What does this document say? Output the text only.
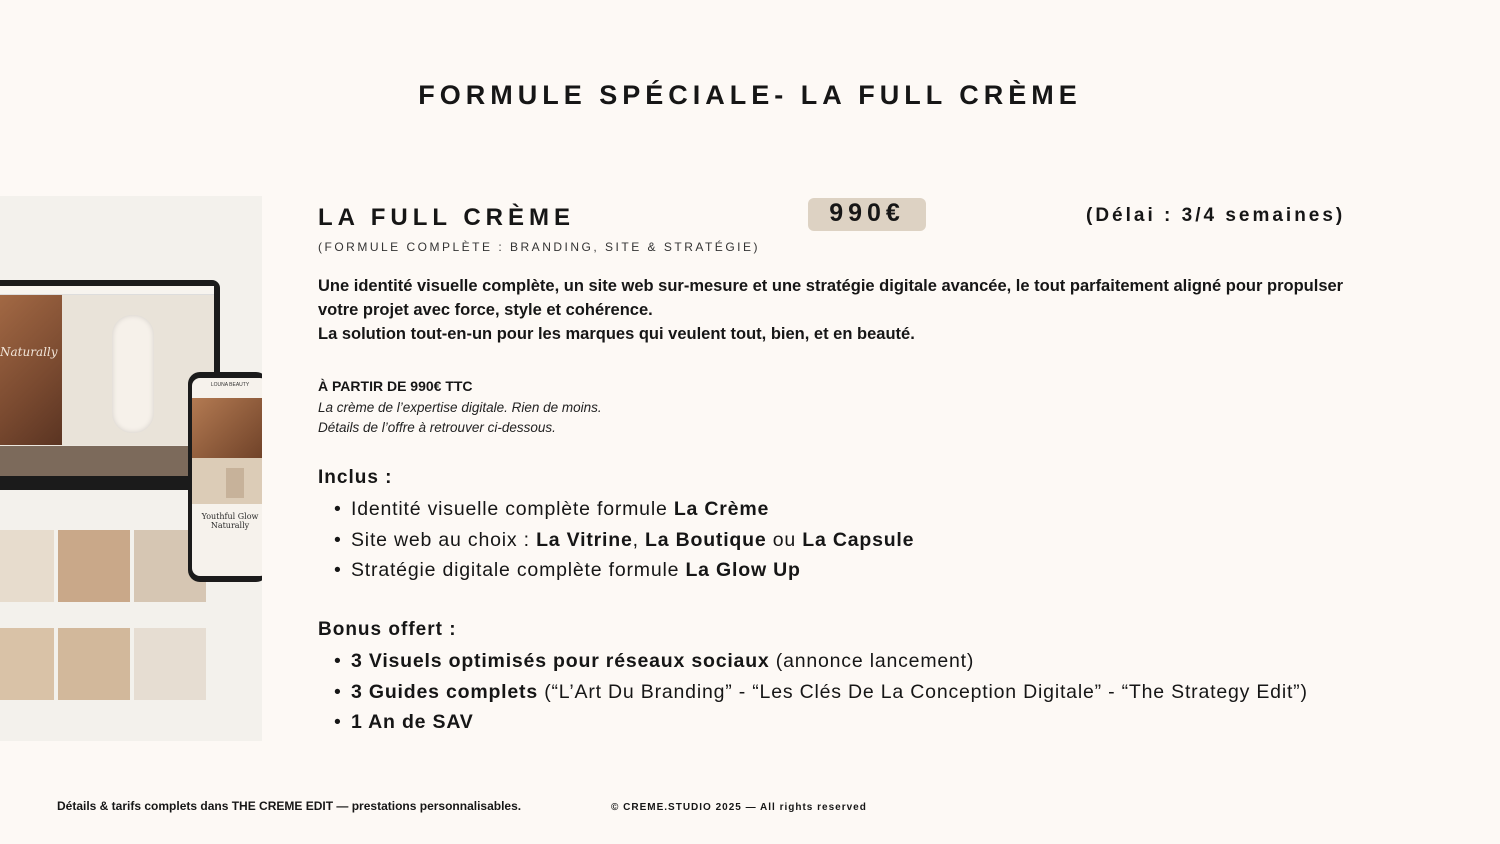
FORMULE SPÉCIALE- LA FULL CRÈME
Naturally
LOUNA BEAUTY
Youthful Glow Naturally
LA FULL CRÈME	990€	(Délai : 3/4 semaines)
(FORMULE COMPLÈTE : BRANDING, SITE & STRATÉGIE)
Une identité visuelle complète, un site web sur-mesure et une stratégie digitale avancée, le tout parfaitement aligné pour propulser votre projet avec force, style et cohérence.
La solution tout-en-un pour les marques qui veulent tout, bien, et en beauté.
À PARTIR DE 990€ TTC
La crème de l’expertise digitale. Rien de moins.
Détails de l’offre à retrouver ci-dessous.
Inclus :
• Identité visuelle complète formule La Crème
• Site web au choix : La Vitrine, La Boutique ou La Capsule
• Stratégie digitale complète formule La Glow Up
Bonus offert :
• 3 Visuels optimisés pour réseaux sociaux (annonce lancement)
• 3 Guides complets (“L’Art Du Branding” - “Les Clés De La Conception Digitale” - “The Strategy Edit”)
• 1 An de SAV
Détails & tarifs complets dans THE CREME EDIT — prestations personnalisables.	© CREME.STUDIO 2025 — All rights reserved
